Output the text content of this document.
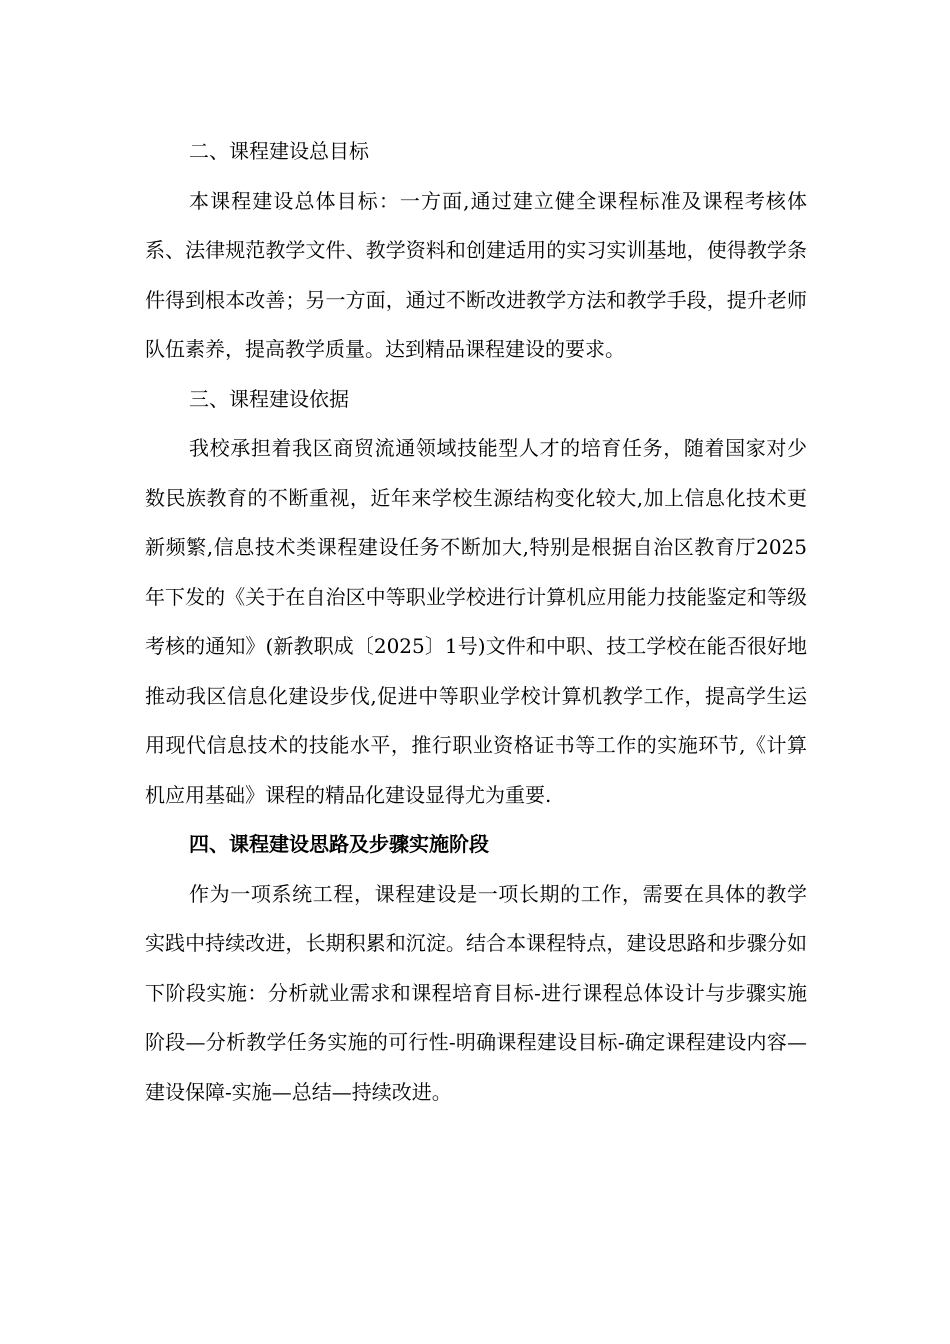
二、课程建设总目标

本课程建设总体目标：一方面,通过建立健全课程标准及课程考核体系、法律规范教学文件、教学资料和创建适用的实习实训基地，使得教学条件得到根本改善；另一方面，通过不断改进教学方法和教学手段，提升老师队伍素养，提高教学质量。达到精品课程建设的要求。

三、课程建设依据

我校承担着我区商贸流通领域技能型人才的培育任务，随着国家对少数民族教育的不断重视，近年来学校生源结构变化较大,加上信息化技术更新频繁,信息技术类课程建设任务不断加大,特别是根据自治区教育厅2025年下发的《关于在自治区中等职业学校进行计算机应用能力技能鉴定和等级考核的通知》(新教职成〔2025〕1号)文件和中职、技工学校在能否很好地推动我区信息化建设步伐,促进中等职业学校计算机教学工作，提高学生运用现代信息技术的技能水平，推行职业资格证书等工作的实施环节,《计算机应用基础》课程的精品化建设显得尤为重要.

四、课程建设思路及步骤实施阶段

作为一项系统工程，课程建设是一项长期的工作，需要在具体的教学实践中持续改进，长期积累和沉淀。结合本课程特点，建设思路和步骤分如下阶段实施：分析就业需求和课程培育目标-进行课程总体设计与步骤实施阶段—分析教学任务实施的可行性-明确课程建设目标-确定课程建设内容—建设保障-实施—总结—持续改进。
